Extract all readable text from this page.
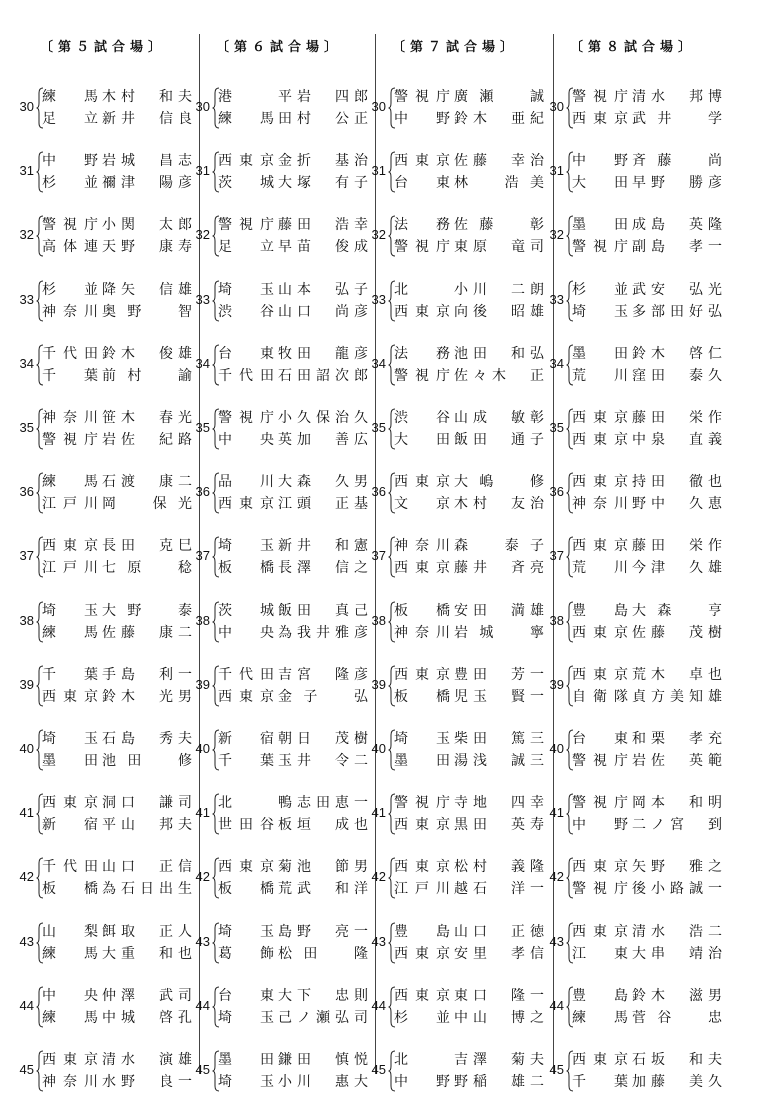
〔第５試合場〕
30
練　馬 木村　和夫
足　立 新井　信良
31
中　野 岩城　昌志
杉　並 禰津　陽彦
32
警視庁 小関　太郎
高体連 天野　康寿
33
杉　並 降矢　信雄
神奈川 奥野　智
34
千代田 鈴木　俊雄
千　葉 前村　諭
35
神奈川 笹木　春光
警視庁 岩佐　紀路
36
練　馬 石渡　康二
江戸川 岡　保光
37
西東京 長田　克巳
江戸川 七原　稔
38
埼　玉 大野　泰
練　馬 佐藤　康二
39
千　葉 手島　利一
西東京 鈴木　光男
40
埼　玉 石島　秀夫
墨　田 池田　修
41
西東京 洞口　謙司
新　宿 平山　邦夫
42
千代田 山口　正信
板　橋 為石日出生
43
山　梨 餌取　正人
練　馬 大重　和也
44
中　央 仲澤　武司
練　馬 中城　啓孔
45
西東京 清水　演雄
神奈川 水野　良一
〔第６試合場〕
30
港	平岩　四郎
練　馬 田村　公正
31
西東京 金折　基治
茨　城 大塚　有子
32
警視庁 藤田　浩幸
足　立 早苗　俊成
33
埼　玉 山本　弘子
渋　谷 山口　尚彦
34
台　東 牧田　龍彦
千代田 石田詔次郎
35
警視庁 小久保治久
中　央 英加　善広
36
品　川 大森　久男
西東京 江頭　正基
37
埼　玉 新井　和憲
板　橋 長澤　信之
38
茨　城 飯田　真己
中　央 為我井雅彦
39
千代田 吉宮　隆彦
西東京 金子　弘
40
新　宿 朝日　茂樹
千　葉 玉井　令二
41
北	鴨志田恵一
世田谷 板垣　成也
42
西東京 菊池　節男
板　橋 荒武　和洋
43
埼　玉 島野　亮一
葛　飾 松田　隆
44
台　東 大下　忠則
埼　玉 己ノ瀬弘司
45
墨　田 鎌田　慎悦
埼　玉 小川　惠大
〔第７試合場〕
30
警視庁 廣瀬　誠
中　野 鈴木　亜紀
31
西東京 佐藤　幸治
台　東 林　浩美
32
法　務 佐藤　彰
警視庁 東原　竜司
33
北	小川　二朗
西東京 向後　昭雄
34
法　務 池田　和弘
警視庁 佐々木　正
35
渋　谷 山成　敏彰
大　田 飯田　通子
36
西東京 大嶋　修
文　京 木村　友治
37
神奈川 森　泰子
西東京 藤井　斉亮
38
板　橋 安田　満雄
神奈川 岩城　寧
39
西東京 豊田　芳一
板　橋 児玉　賢一
40
埼　玉 柴田　篤三
墨　田 湯浅　誠三
41
警視庁 寺地　四幸
西東京 黒田　英寿
42
西東京 松村　義隆
江戸川 越石　洋一
43
豊　島 山口　正徳
西東京 安里　孝信
44
西東京 東口　隆一
杉　並 中山　博之
45
北	吉澤　菊夫
中　野 野稲　雄二
〔第８試合場〕
30
警視庁 清水　邦博
西東京 武井　学
31
中　野 斉藤　尚
大　田 早野　勝彦
32
墨　田 成島　英隆
警視庁 副島　孝一
33
杉　並 武安　弘光
埼　玉 多部田好弘
34
墨　田 鈴木　啓仁
荒　川 窪田　泰久
35
西東京 藤田　栄作
西東京 中泉　直義
36
西東京 持田　徹也
神奈川 野中　久恵
37
西東京 藤田　栄作
荒　川 今津　久雄
38
豊　島 大森　亨
西東京 佐藤　茂樹
39
西東京 荒木　卓也
自衛隊 貞方美知雄
40
台　東 和栗　孝充
警視庁 岩佐　英範
41
警視庁 岡本　和明
中　野 二ノ宮　到
42
西東京 矢野　雅之
警視庁 後小路誠一
43
西東京 清水　浩二
江　東 大串　靖治
44
豊　島 鈴木　滋男
練　馬 菅谷　忠
45
西東京 石坂　和夫
千　葉 加藤　美久
